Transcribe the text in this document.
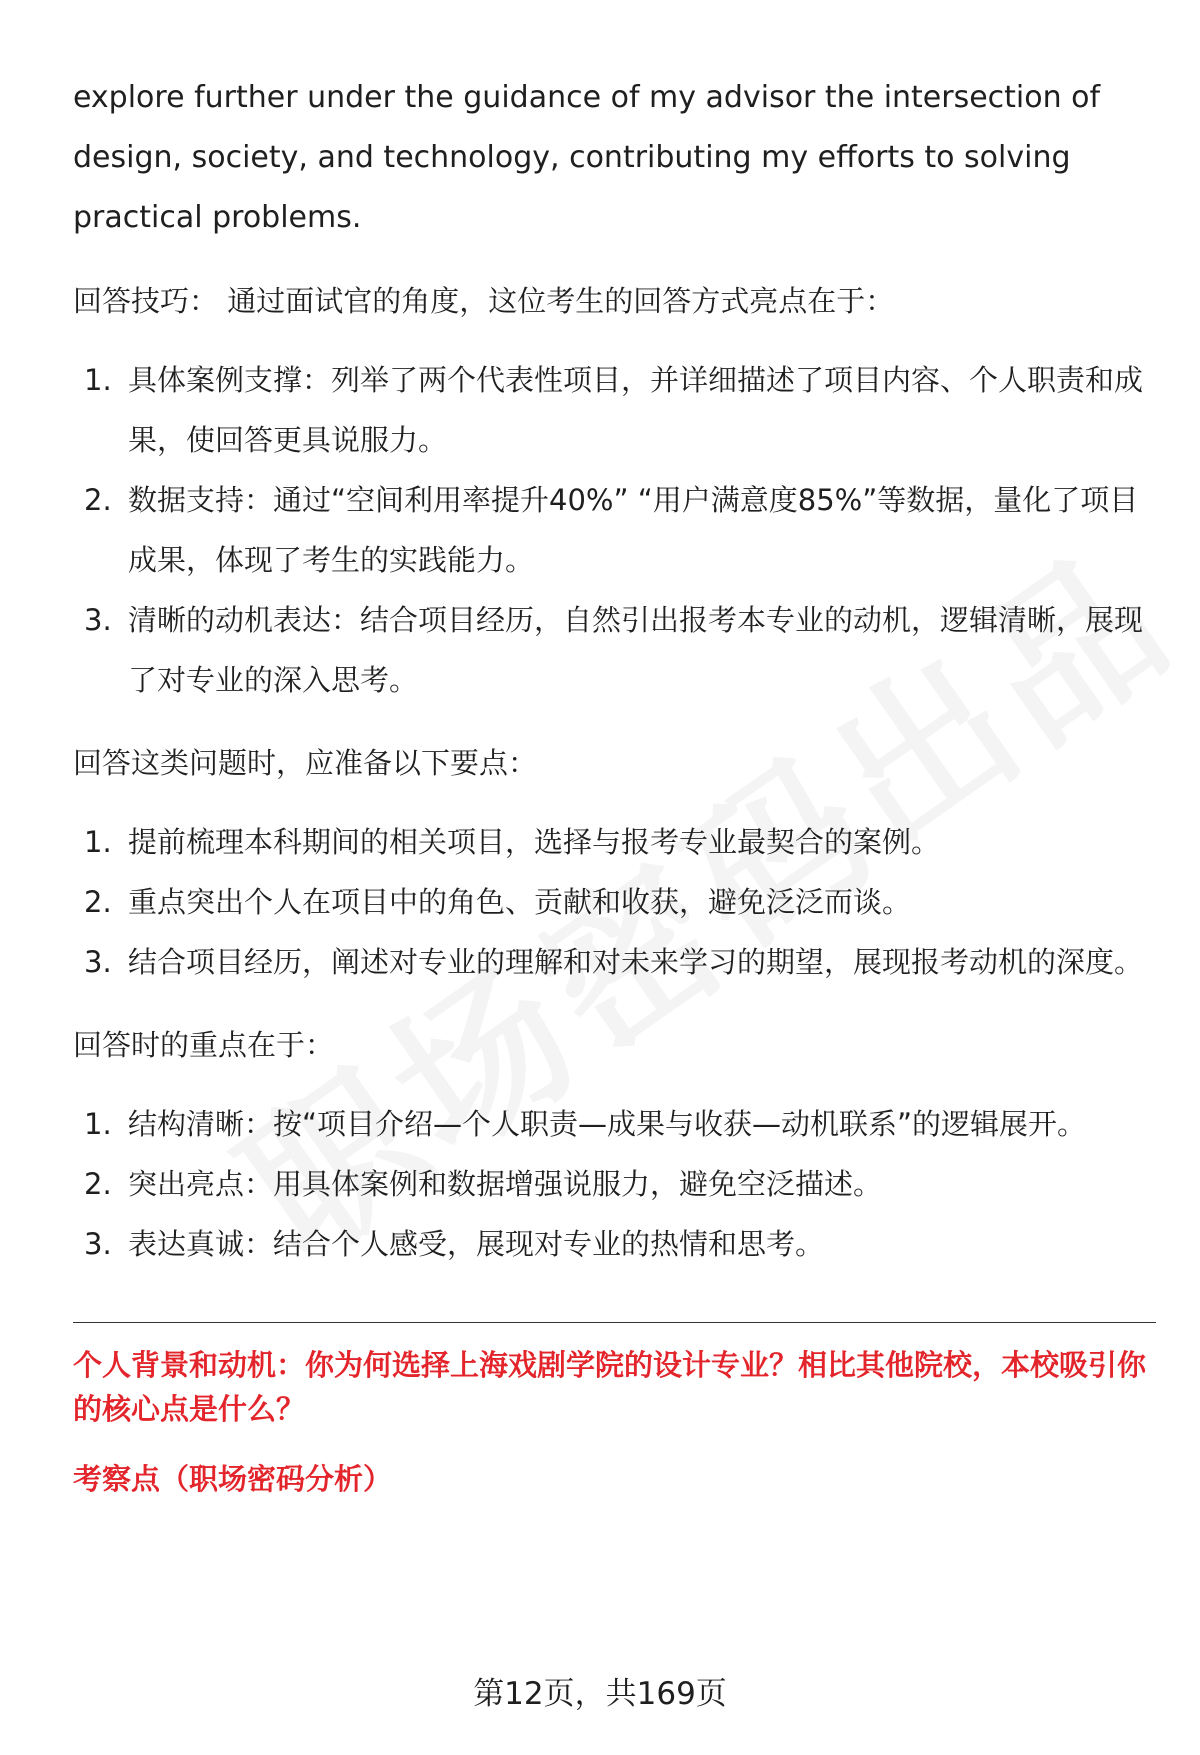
explore further under the guidance of my advisor the intersection of design, society, and technology, contributing my efforts to solving practical problems.

回答技巧： 通过面试官的角度，这位考生的回答方式亮点在于：
1. 具体案例支撑：列举了两个代表性项目，并详细描述了项目内容、个人职责和成果，使回答更具说服力。
2. 数据支持：通过“空间利用率提升40%” “用户满意度85%”等数据，量化了项目成果，体现了考生的实践能力。
3. 清晰的动机表达：结合项目经历，自然引出报考本专业的动机，逻辑清晰，展现了对专业的深入思考。
回答这类问题时，应准备以下要点：
1. 提前梳理本科期间的相关项目，选择与报考专业最契合的案例。
2. 重点突出个人在项目中的角色、贡献和收获，避免泛泛而谈。
3. 结合项目经历，阐述对专业的理解和对未来学习的期望，展现报考动机的深度。
回答时的重点在于：
1. 结构清晰：按“项目介绍—个人职责—成果与收获—动机联系”的逻辑展开。
2. 突出亮点：用具体案例和数据增强说服力，避免空泛描述。
3. 表达真诚：结合个人感受，展现对专业的热情和思考。
个人背景和动机：你为何选择上海戏剧学院的设计专业？相比其他院校，本校吸引你的核心点是什么？
考察点（职场密码分析）
第12页，共169页
